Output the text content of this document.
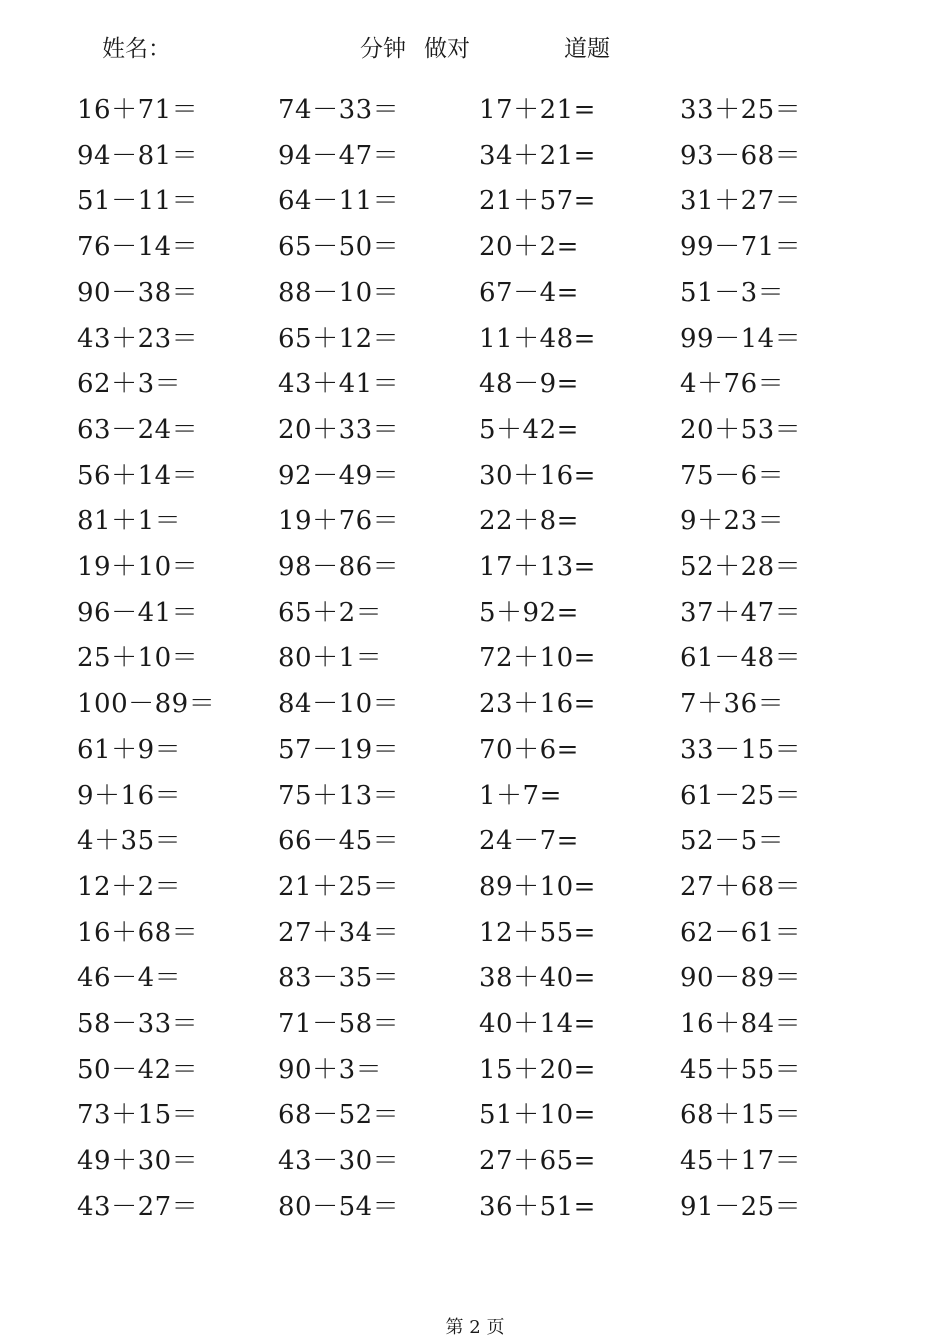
姓名：	分钟 做对	道题
16＋71＝
94－81＝
51－11＝
76－14＝
90－38＝
43＋23＝
62＋3＝
63－24＝
56＋14＝
81＋1＝
19＋10＝
96－41＝
25＋10＝
100－89＝
61＋9＝
9＋16＝
4＋35＝
12＋2＝
16＋68＝
46－4＝
58－33＝
50－42＝
73＋15＝
49＋30＝
43－27＝
74－33＝
94－47＝
64－11＝
65－50＝
88－10＝
65＋12＝
43＋41＝
20＋33＝
92－49＝
19＋76＝
98－86＝
65＋2＝
80＋1＝
84－10＝
57－19＝
75＋13＝
66－45＝
21＋25＝
27＋34＝
83－35＝
71－58＝
90＋3＝
68－52＝
43－30＝
80－54＝
17＋21=
34＋21=
21＋57=
20＋2=
67－4=
11＋48=
48－9=
5＋42=
30＋16=
22＋8=
17＋13=
5＋92=
72＋10=
23＋16=
70＋6=
1＋7=
24－7=
89＋10=
12＋55=
38＋40=
40＋14=
15＋20=
51＋10=
27＋65=
36＋51=
33＋25＝
93－68＝
31＋27＝
99－71＝
51－3＝
99－14＝
4＋76＝
20＋53＝
75－6＝
9＋23＝
52＋28＝
37＋47＝
61－48＝
7＋36＝
33－15＝
61－25＝
52－5＝
27＋68＝
62－61＝
90－89＝
16＋84＝
45＋55＝
68＋15＝
45＋17＝
91－25＝
第 2 页
